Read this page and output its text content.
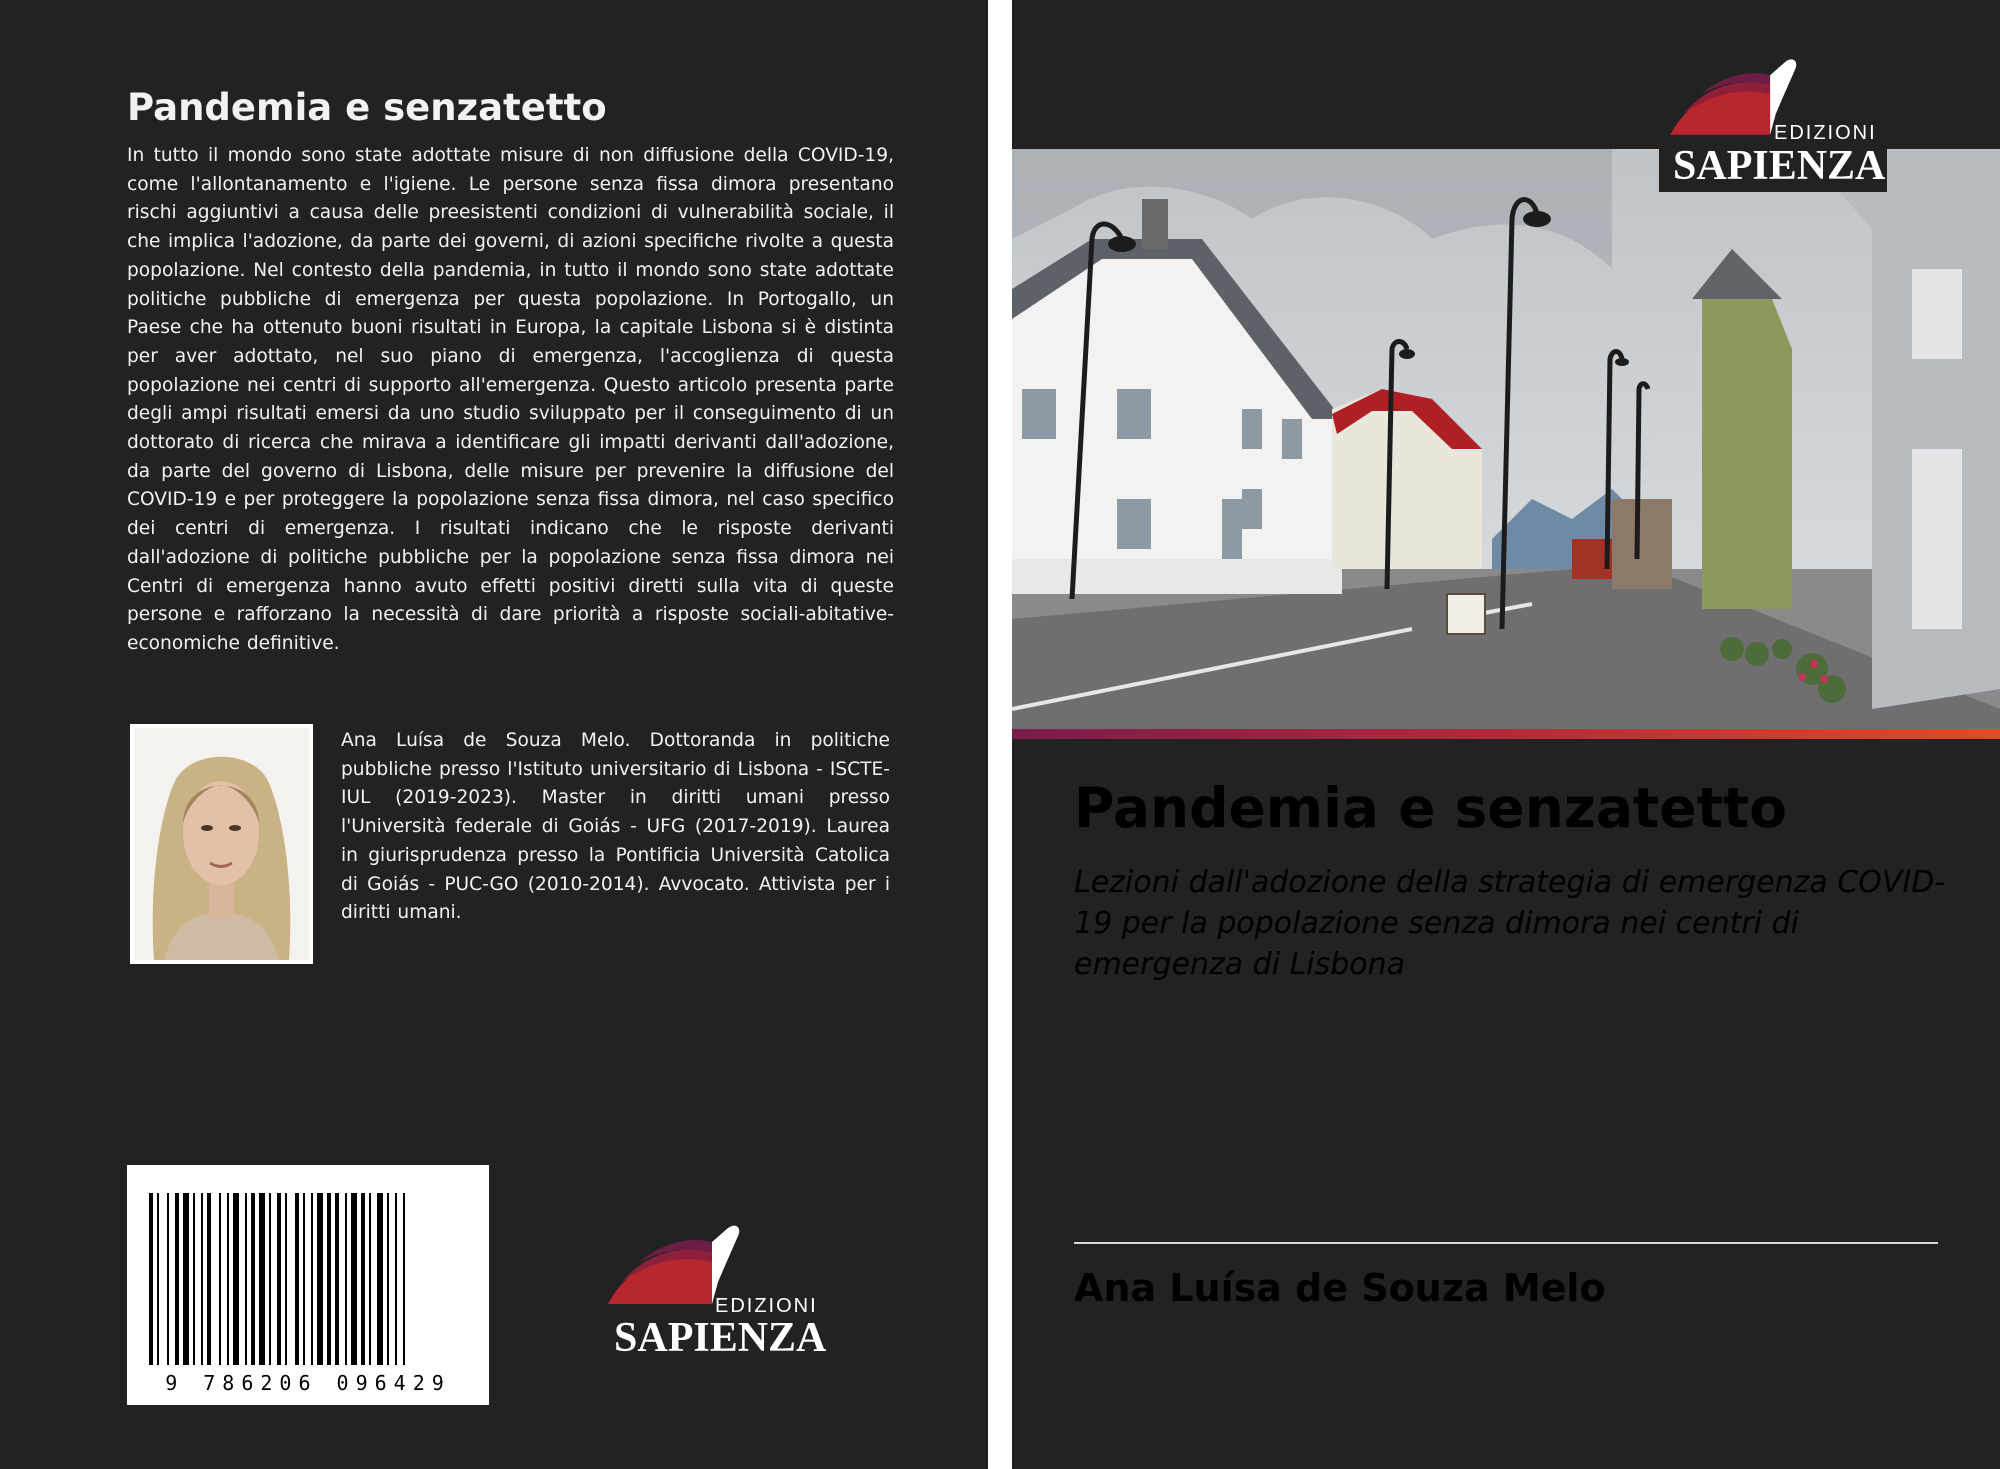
Pandemia e senzatetto

In tutto il mondo sono state adottate misure di non diffusione della COVID-19, come l'allontanamento e l'igiene. Le persone senza fissa dimora presentano rischi aggiuntivi a causa delle preesistenti condizioni di vulnerabilità sociale, il che implica l'adozione, da parte dei governi, di azioni specifiche rivolte a questa popolazione. Nel contesto della pandemia, in tutto il mondo sono state adottate politiche pubbliche di emergenza per questa popolazione. In Portogallo, un Paese che ha ottenuto buoni risultati in Europa, la capitale Lisbona si è distinta per aver adottato, nel suo piano di emergenza, l'accoglienza di questa popolazione nei centri di supporto all'emergenza. Questo articolo presenta parte degli ampi risultati emersi da uno studio sviluppato per il conseguimento di un dottorato di ricerca che mirava a identificare gli impatti derivanti dall'adozione, da parte del governo di Lisbona, delle misure per prevenire la diffusione del COVID-19 e per proteggere la popolazione senza fissa dimora, nel caso specifico dei centri di emergenza. I risultati indicano che le risposte derivanti dall'adozione di politiche pubbliche per la popolazione senza fissa dimora nei Centri di emergenza hanno avuto effetti positivi diretti sulla vita di queste persone e rafforzano la necessità di dare priorità a risposte sociali-abitative-economiche definitive.

Ana Luísa de Souza Melo. Dottoranda in politiche pubbliche presso l'Istituto universitario di Lisbona - ISCTE-IUL (2019-2023). Master in diritti umani presso l'Università federale di Goiás - UFG (2017-2019). Laurea in giurisprudenza presso la Pontificia Università Catolica di Goiás - PUC-GO (2010-2014). Avvocato. Attivista per i diritti umani.

9 786206 096429
EDIZIONI
SAPIENZA
EDIZIONI
SAPIENZA
Pandemia e senzatetto

Lezioni dall'adozione della strategia di emergenza COVID-19 per la popolazione senza dimora nei centri di emergenza di Lisbona

Ana Luísa de Souza Melo
